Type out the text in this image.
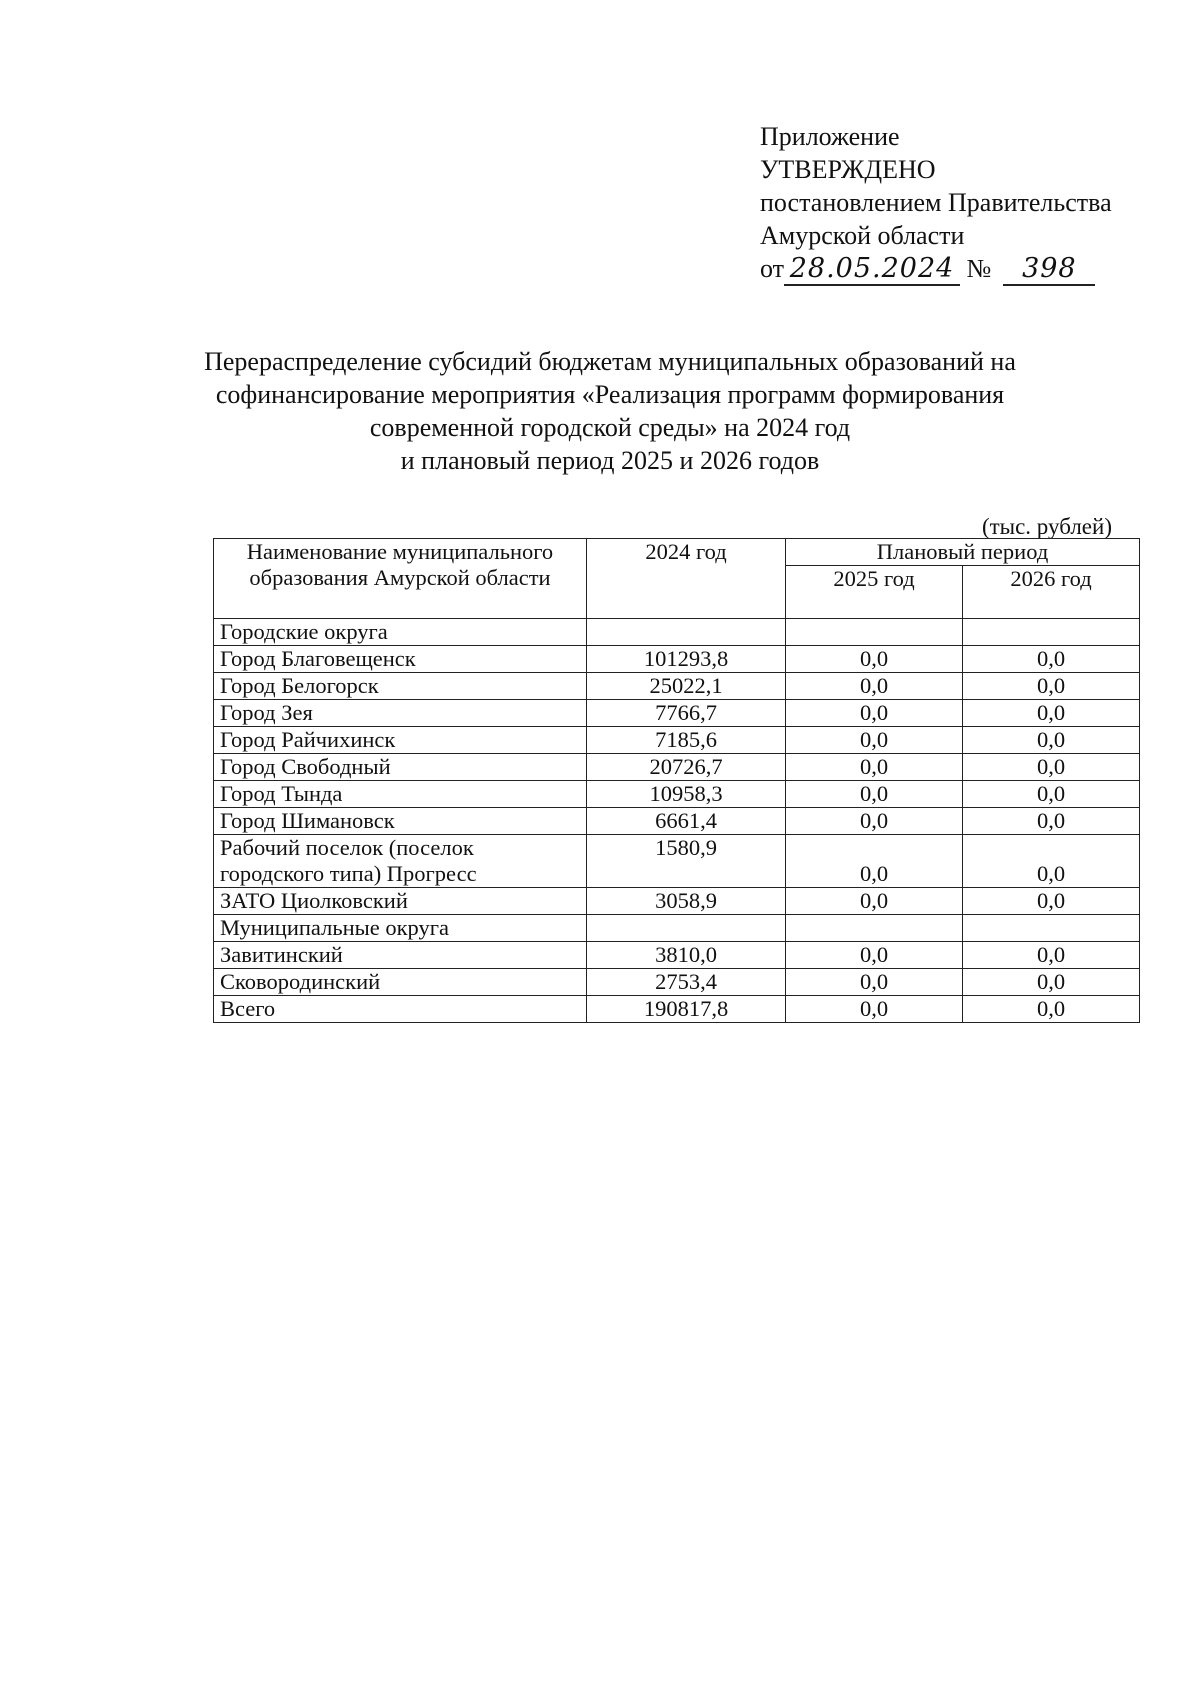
Приложение
УТВЕРЖДЕНО
постановлением Правительства
Амурской области
от 28.05.2024 № 398
Перераспределение субсидий бюджетам муниципальных образований на
софинансирование мероприятия «Реализация программ формирования
современной городской среды» на 2024 год
и плановый период 2025 и 2026 годов
(тыс. рублей)
Наименование муниципального образования Амурской области	2024 год	Плановый период	
		2025 год	2026 год
Городские округа			
Город Благовещенск	101293,8	0,0	0,0
Город Белогорск	25022,1	0,0	0,0
Город Зея	7766,7	0,0	0,0
Город Райчихинск	7185,6	0,0	0,0
Город Свободный	20726,7	0,0	0,0
Город Тында	10958,3	0,0	0,0
Город Шимановск	6661,4	0,0	0,0
Рабочий поселок (поселок городского типа) Прогресс	1580,9	0,0	0,0
ЗАТО Циолковский	3058,9	0,0	0,0
Муниципальные округа			
Завитинский	3810,0	0,0	0,0
Сковородинский	2753,4	0,0	0,0
Всего	190817,8	0,0	0,0
